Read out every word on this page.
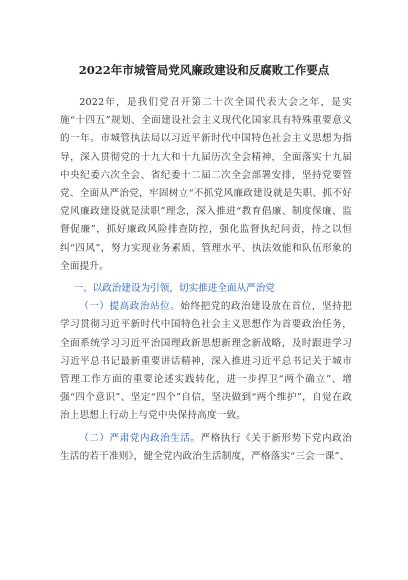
2022年市城管局党风廉政建设和反腐败工作要点

2022年，是我们党召开第二十次全国代表大会之年，是实施“十四五”规划、全面建设社会主义现代化国家具有特殊重要意义的一年。市城管执法局以习近平新时代中国特色社会主义思想为指导，深入贯彻党的十九大和十九届历次全会精神，全面落实十九届中央纪委六次全会、省纪委十二届二次全会部署安排，坚持党要管党、全面从严治党，牢固树立“不抓党风廉政建设就是失职、抓不好党风廉政建设就是渎职”理念，深入推进“教育倡廉、制度保廉、监督促廉”，抓好廉政风险排查防控，强化监督执纪问责，持之以恒纠“四风”，努力实现业务素质、管理水平、执法效能和队伍形象的全面提升。

一、以政治建设为引领，切实推进全面从严治党

（一）提高政治站位。始终把党的政治建设放在首位，坚持把学习贯彻习近平新时代中国特色社会主义思想作为首要政治任务，全面系统学习习近平治国理政新思想新理念新战略，及时跟进学习习近平总书记最新重要讲话精神，深入推进习近平总书记关于城市管理工作方面的重要论述实践转化，进一步捍卫“两个确立”、增强“四个意识”、坚定“四个”自信，坚决做到“两个维护”，自觉在政治上思想上行动上与党中央保持高度一致。

（二）严肃党内政治生活。严格执行《关于新形势下党内政治生活的若干准则》，健全党内政治生活制度，严格落实“三会一课”、
